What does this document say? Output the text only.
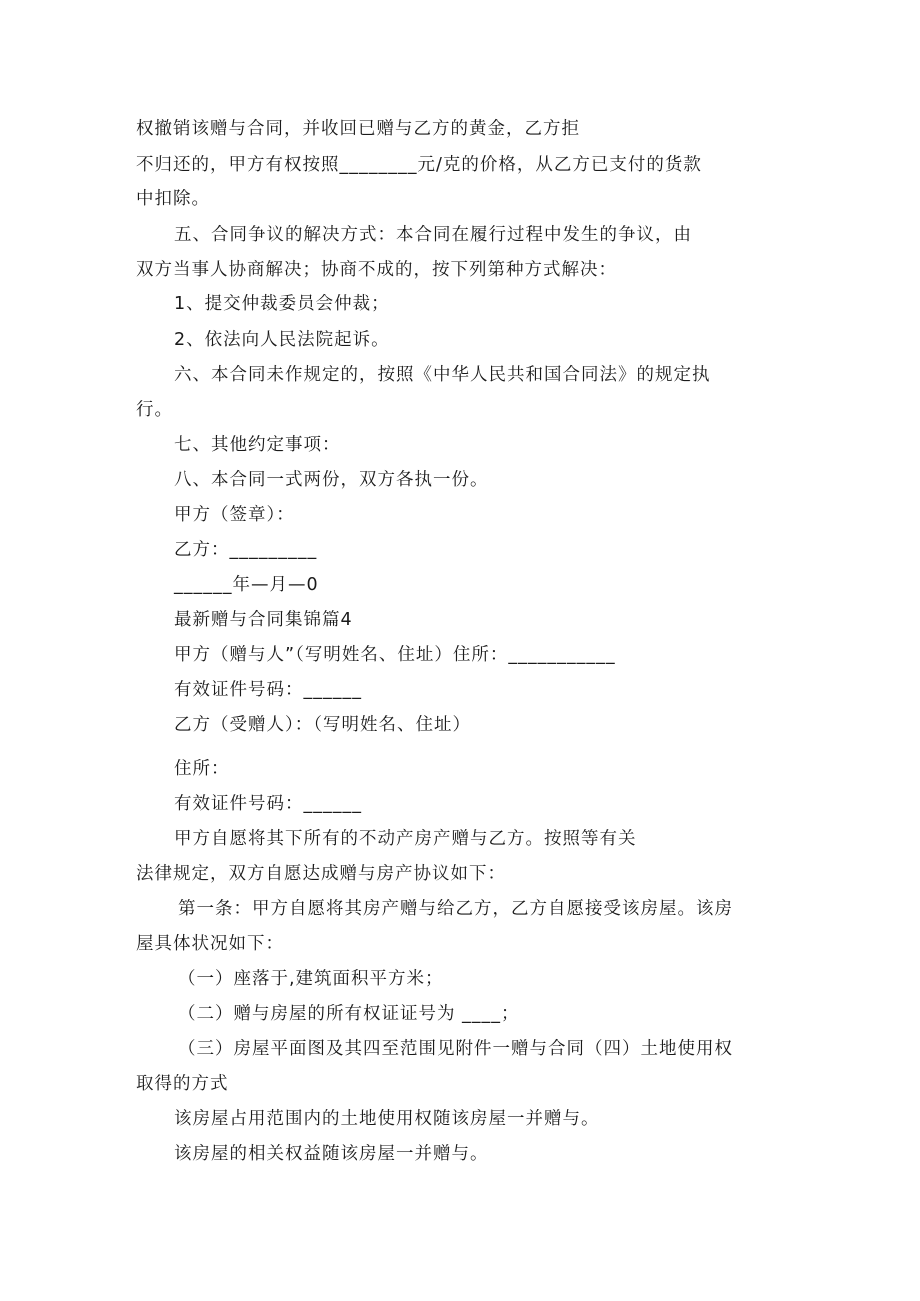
权撤销该赠与合同，并收回已赠与乙方的黄金，乙方拒
不归还的，甲方有权按照________元/克的价格，从乙方已支付的货款
中扣除。
五、合同争议的解决方式：本合同在履行过程中发生的争议，由
双方当事人协商解决；协商不成的，按下列第种方式解决：
1、提交仲裁委员会仲裁；
2、依法向人民法院起诉。
六、本合同未作规定的，按照《中华人民共和国合同法》的规定执
行。
七、其他约定事项：
八、本合同一式两份，双方各执一份。
甲方（签章）：
乙方：_________
______年—月—0
最新赠与合同集锦篇4
甲方（赠与人”（写明姓名、住址）住所：___________
有效证件号码：______
乙方（受赠人）：（写明姓名、住址）
住所：
有效证件号码：______
甲方自愿将其下所有的不动产房产赠与乙方。按照等有关
法律规定，双方自愿达成赠与房产协议如下：
第一条：甲方自愿将其房产赠与给乙方，乙方自愿接受该房屋。该房
屋具体状况如下：
（一）座落于,建筑面积平方米；
（二）赠与房屋的所有权证证号为 ____；
（三）房屋平面图及其四至范围见附件一赠与合同（四）土地使用权
取得的方式
该房屋占用范围内的土地使用权随该房屋一并赠与。
该房屋的相关权益随该房屋一并赠与。
